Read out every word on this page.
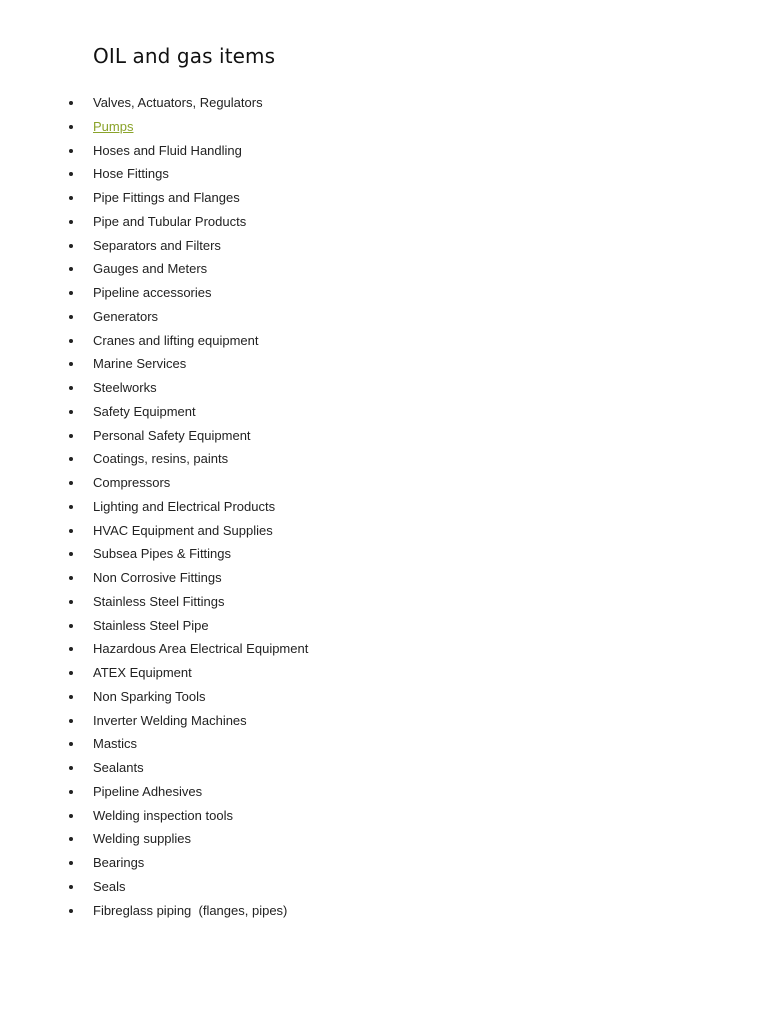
OIL and gas items
Valves, Actuators, Regulators
Pumps
Hoses and Fluid Handling
Hose Fittings
Pipe Fittings and Flanges
Pipe and Tubular Products
Separators and Filters
Gauges and Meters
Pipeline accessories
Generators
Cranes and lifting equipment
Marine Services
Steelworks
Safety Equipment
Personal Safety Equipment
Coatings, resins, paints
Compressors
Lighting and Electrical Products
HVAC Equipment and Supplies
Subsea Pipes & Fittings
Non Corrosive Fittings
Stainless Steel Fittings
Stainless Steel Pipe
Hazardous Area Electrical Equipment
ATEX Equipment
Non Sparking Tools
Inverter Welding Machines
Mastics
Sealants
Pipeline Adhesives
Welding inspection tools
Welding supplies
Bearings
Seals
Fibreglass piping  (flanges, pipes)
